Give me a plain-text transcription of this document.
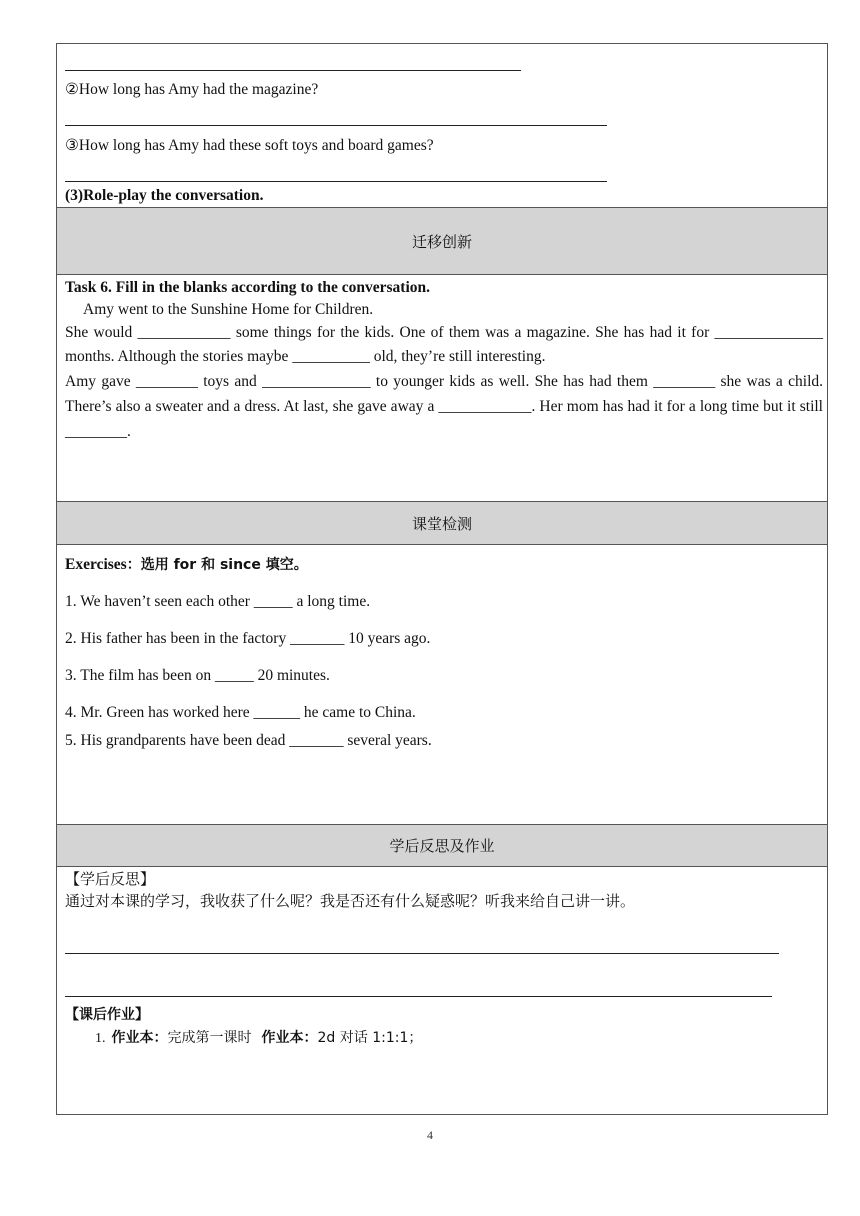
②How long has Amy had the magazine?
③How long has Amy had these soft toys and board games?
(3)Role-play the conversation.
迁移创新
Task 6. Fill in the blanks according to the conversation.
Amy went to the Sunshine Home for Children.
She would ____________ some things for the kids. One of them was a magazine. She has had it for ______________ months. Although the stories maybe __________ old, they’re still interesting.
Amy gave ________ toys and ______________ to younger kids as well. She has had them ________ she was a child. There’s also a sweater and a dress. At last, she gave away a ____________. Her mom has had it for a long time but it still ________.
课堂检测
Exercises：选用 for 和 since 填空。
1. We haven’t seen each other _____ a long time.
2. His father has been in the factory _______ 10 years ago.
3. The film has been on _____ 20 minutes.
4. Mr. Green has worked here ______ he came to China.
5. His grandparents have been dead _______ several years.
学后反思及作业
【学后反思】
通过对本课的学习，我收获了什么呢？我是否还有什么疑惑呢？听我来给自己讲一讲。
【课后作业】
1. 作业本：完成第一课时 作业本：2d 对话 1:1:1；
4
